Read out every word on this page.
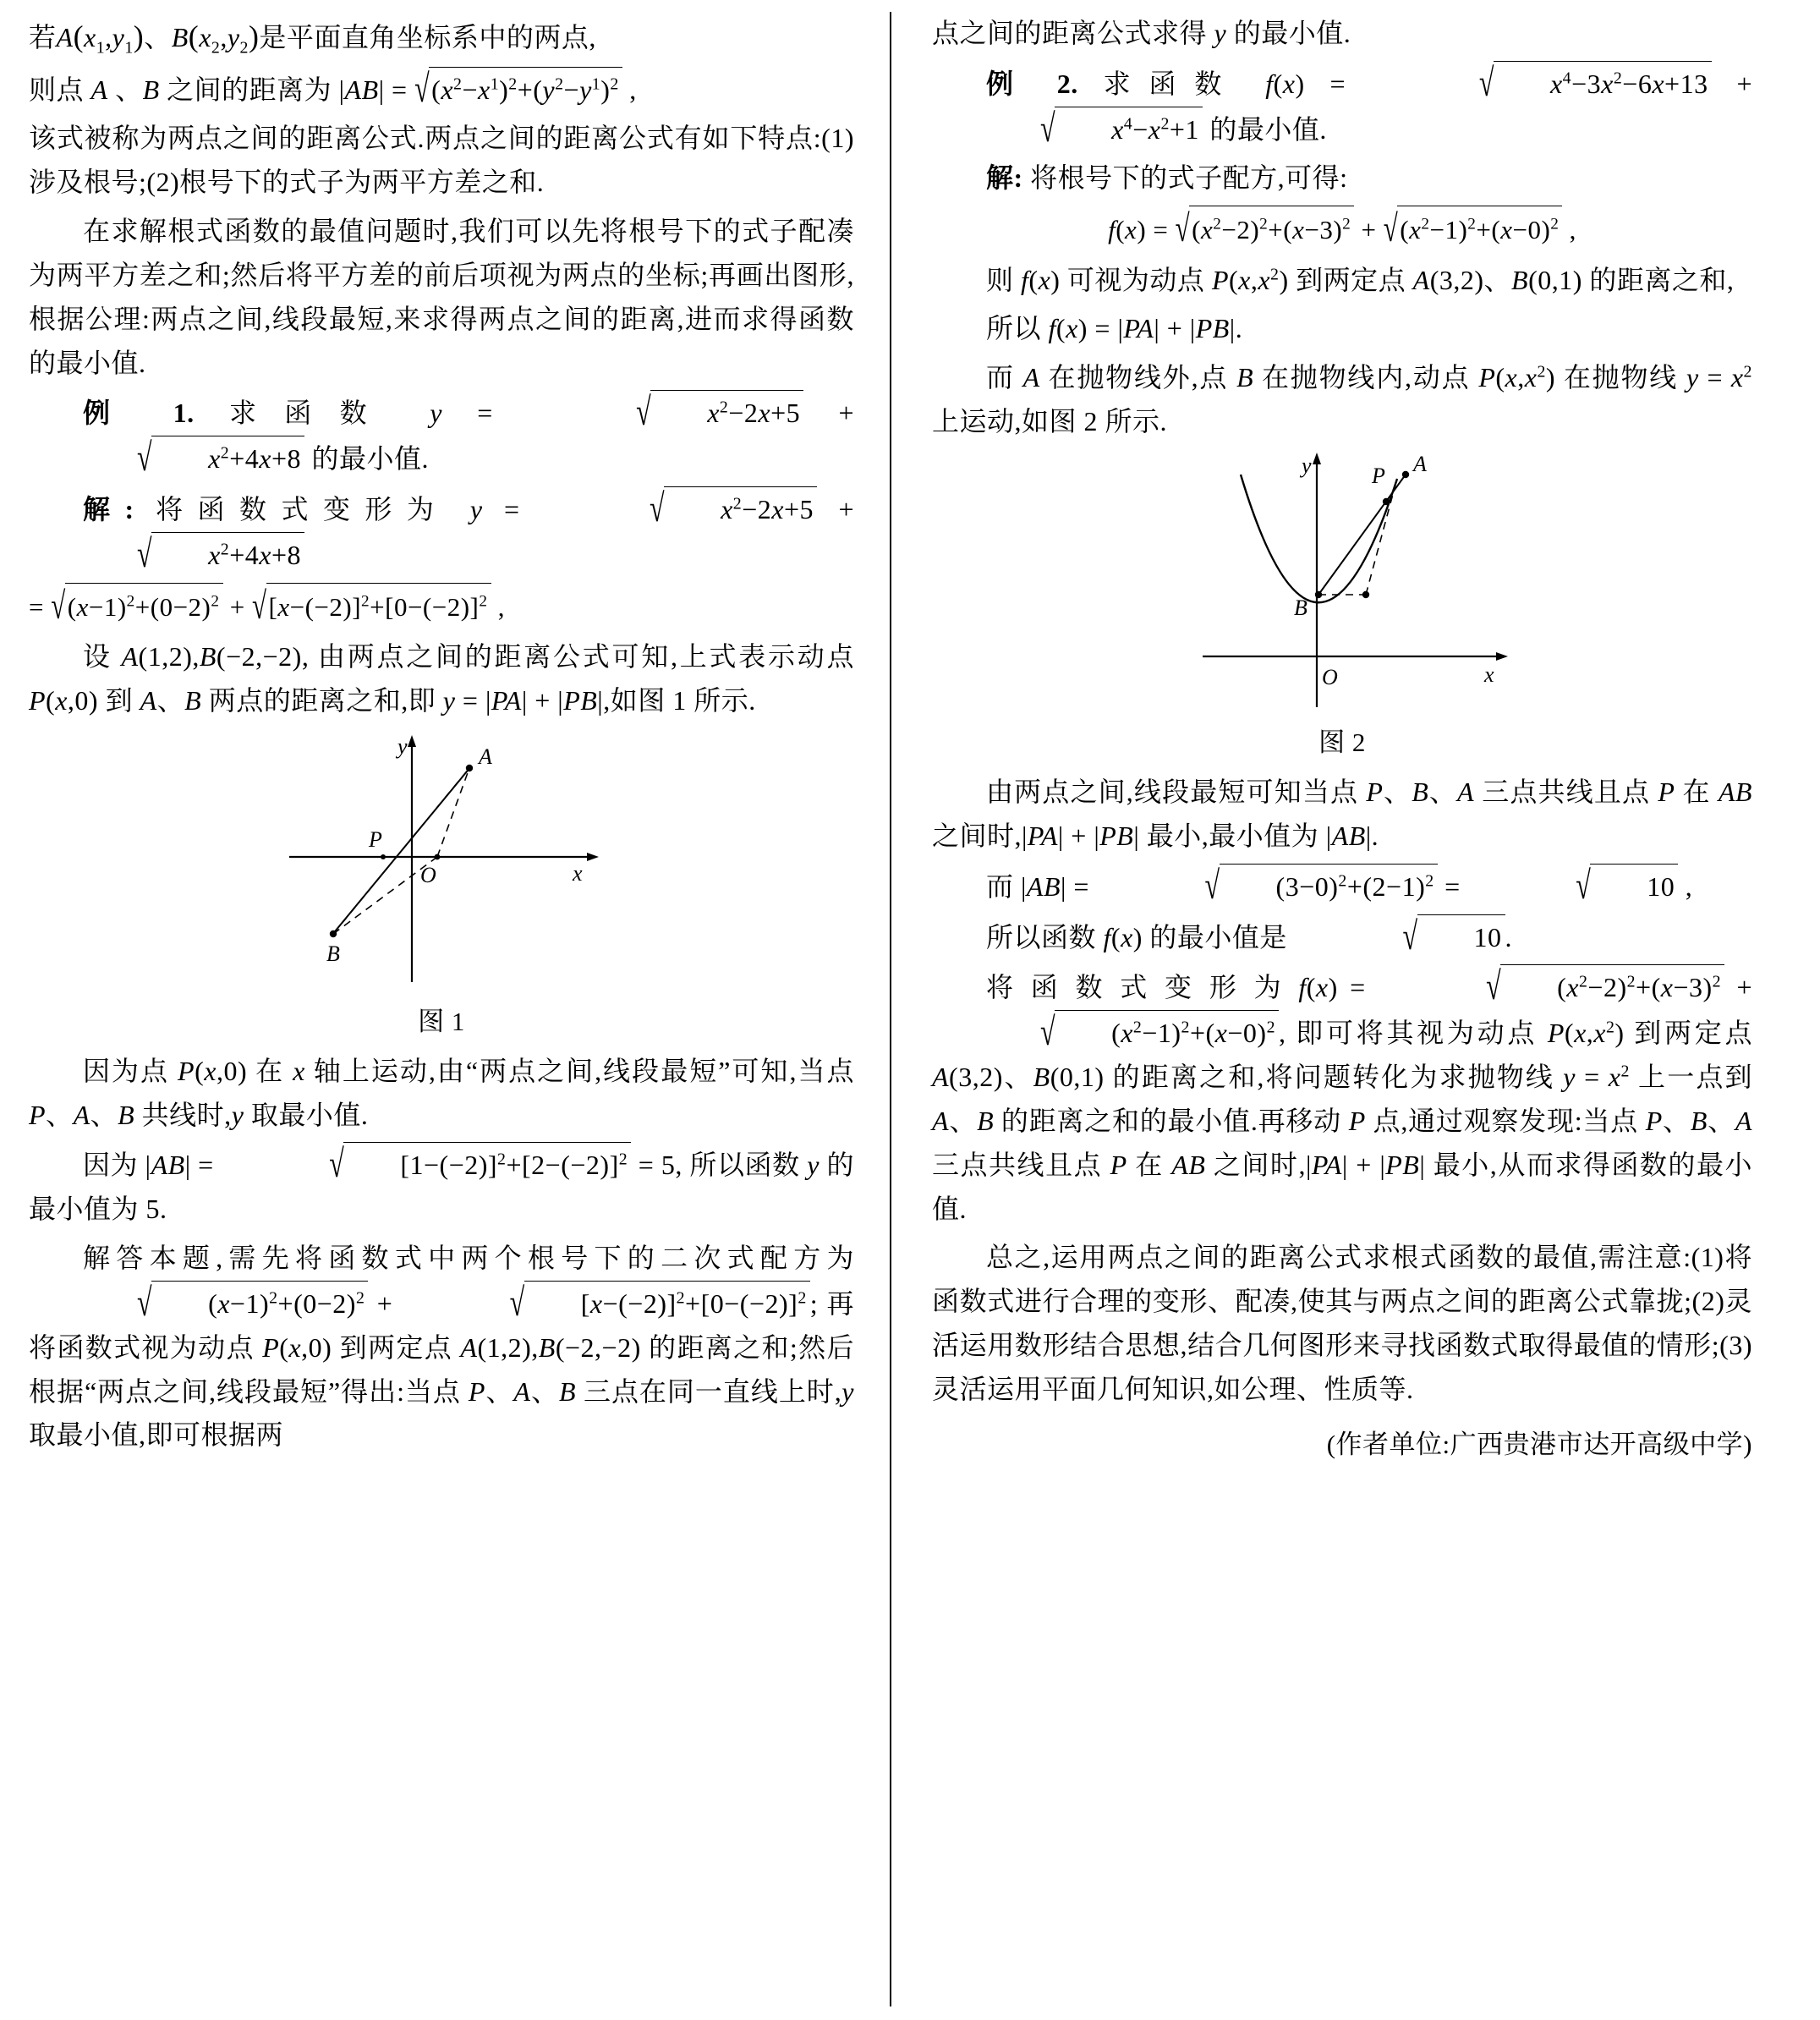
若$A(x_1,y_1)$、$B(x_2,y_2)$是平面直角坐标系中的两点,

则点 A 、B 之间的距离为 $|AB| = √(x^2-x^1)^2+(y^2-y^1)^2$ ,

该式被称为两点之间的距离公式.两点之间的距离公式有如下特点:(1)涉及根号;(2)根号下的式子为两平方差之和.

在求解根式函数的最值问题时,我们可以先将根号下的式子配凑为两平方差之和;然后将平方差的前后项视为两点的坐标;再画出图形,根据公理:两点之间,线段最短,来求得两点之间的距离,进而求得函数的最小值.

例 1. 求函数 y =	√ $x^2-2x+5$ + √ $x^2+4x+8$ 的最小值.

解: 将函数式变形为 y =	√ $x^2-2x+5$ + √ $x^2+4x+8$

= $√(x-1)^2+(0-2)^2 + √[x-(-2)]^2+[0-(-2)]^2$ ,

设 A(1,2),B(−2,−2), 由两点之间的距离公式可知,上式表示动点 P(x,0) 到 A、B 两点的距离之和,即 y = |PA| + |PB|,如图 1 所示.

y
x
O
A
B
P

图 1

因为点 P(x,0) 在 x 轴上运动,由“两点之间,线段最短”可知,当点 P、A、B 共线时,y 取最小值.

因为 |AB| =	√ $[1-(-2)]^2+[2-(-2)]^2 = 5$, 所以函数 y 的最小值为 5.

解答本题,需先将函数式中两个根号下的二次式配方为 √ $(x-1)^2+(0-2)^2$ +	√ $[x-(-2)]^2+[0-(-2)]^2$ ; 再将函数式视为动点 P(x,0) 到两定点 A(1,2),B(−2,−2) 的距离之和;然后根据“两点之间,线段最短”得出:当点 P、A、B 三点在同一直线上时,y 取最小值,即可根据两

点之间的距离公式求得 y 的最小值.

例 2. 求函数 f(x) =	√ $x^4-3x^2-6x+13$ + √ $x^4-x^2+1$ 的最小值.

解: 将根号下的式子配方,可得:

$f(x) = √(x^2-2)^2+(x-3)^2 + √(x^2-1)^2+(x-0)^2$ ,

则 f(x) 可视为动点 $P(x,x^2)$ 到两定点 A(3,2)、B(0,1) 的距离之和,

所以 f(x) = |PA| + |PB|.

而 A 在抛物线外,点 B 在抛物线内,动点 $P(x,x^2)$ 在抛物线 $y = x^2$ 上运动,如图 2 所示.

y
x
O
A
P
B

图 2

由两点之间,线段最短可知当点 P、B、A 三点共线且点 P 在 AB 之间时,|PA| + |PB| 最小,最小值为 |AB|.

而 |AB| =	√ $(3-0)^2+(2-1)^2$ =	√ 10 ,

所以函数 f(x) 的最小值是	√ 10 .

将 函 数 式 变 形 为 f(x) =	√ $(x^2-2)^2+(x-3)^2$ + √ $(x^2-1)^2+(x-0)^2$ , 即可将其视为动点 $P(x,x^2)$ 到两定点 A(3,2)、B(0,1) 的距离之和,将问题转化为求抛物线 $y = x^2$ 上一点到 A、B 的距离之和的最小值.再移动 P 点,通过观察发现:当点 P、B、A 三点共线且点 P 在 AB 之间时,|PA| + |PB| 最小,从而求得函数的最小值.

总之,运用两点之间的距离公式求根式函数的最值,需注意:(1)将函数式进行合理的变形、配凑,使其与两点之间的距离公式靠拢;(2)灵活运用数形结合思想,结合几何图形来寻找函数式取得最值的情形;(3)灵活运用平面几何知识,如公理、性质等.

(作者单位:广西贵港市达开高级中学)
